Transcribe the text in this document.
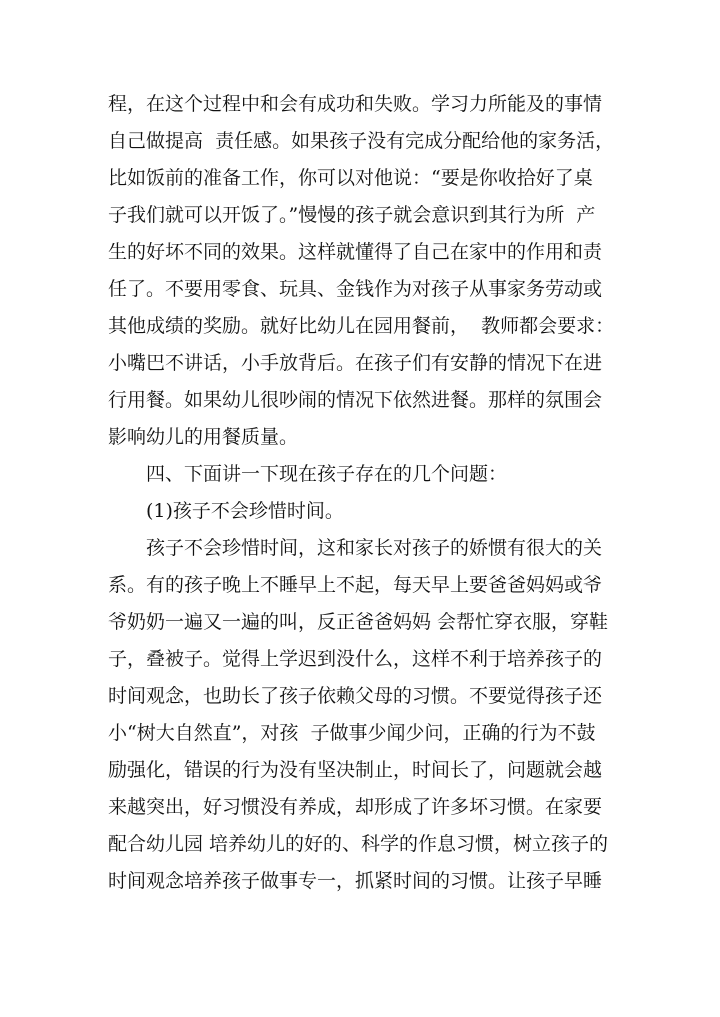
程，在这个过程中和会有成功和失败。学习力所能及的事情
自己做提高  责任感。如果孩子没有完成分配给他的家务活，
比如饭前的准备工作，你可以对他说：“要是你收拾好了桌
子我们就可以开饭了。”慢慢的孩子就会意识到其行为所  产
生的好坏不同的效果。这样就懂得了自己在家中的作用和责
任了。不要用零食、玩具、金钱作为对孩子从事家务劳动或
其他成绩的奖励。就好比幼儿在园用餐前，  教师都会要求：
小嘴巴不讲话，小手放背后。在孩子们有安静的情况下在进
行用餐。如果幼儿很吵闹的情况下依然进餐。那样的氛围会
影响幼儿的用餐质量。
四、下面讲一下现在孩子存在的几个问题：
(1)孩子不会珍惜时间。
孩子不会珍惜时间，这和家长对孩子的娇惯有很大的关
系。有的孩子晚上不睡早上不起，每天早上要爸爸妈妈或爷
爷奶奶一遍又一遍的叫，反正爸爸妈妈 会帮忙穿衣服，穿鞋
子，叠被子。觉得上学迟到没什么，这样不利于培养孩子的
时间观念，也助长了孩子依赖父母的习惯。不要觉得孩子还
小“树大自然直”，对孩  子做事少闻少问，正确的行为不鼓
励强化，错误的行为没有坚决制止，时间长了，问题就会越
来越突出，好习惯没有养成，却形成了许多坏习惯。在家要
配合幼儿园 培养幼儿的好的、科学的作息习惯，树立孩子的
时间观念培养孩子做事专一，抓紧时间的习惯。让孩子早睡
